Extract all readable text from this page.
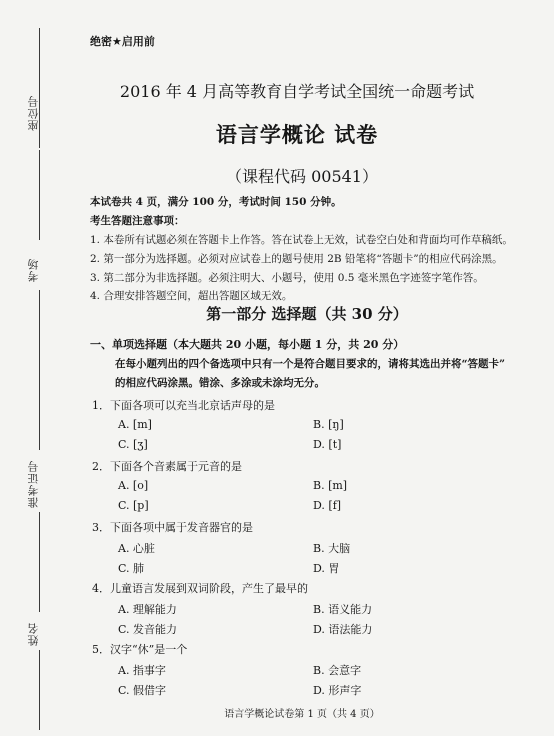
座位号
考场
准考证号
姓名
绝密★启用前
2016 年 4 月高等教育自学考试全国统一命题考试
语言学概论 试卷
（课程代码 00541）
本试卷共 4 页，满分 100 分，考试时间 150 分钟。
考生答题注意事项：
1. 本卷所有试题必须在答题卡上作答。答在试卷上无效，试卷空白处和背面均可作草稿纸。
2. 第一部分为选择题。必须对应试卷上的题号使用 2B 铅笔将“答题卡”的相应代码涂黑。
3. 第二部分为非选择题。必须注明大、小题号，使用 0.5 毫米黑色字迹签字笔作答。
4. 合理安排答题空间，超出答题区域无效。
第一部分 选择题（共 30 分）
一、单项选择题（本大题共 20 小题，每小题 1 分，共 20 分）
在每小题列出的四个备选项中只有一个是符合题目要求的，请将其选出并将“答题卡”
的相应代码涂黑。错涂、多涂或未涂均无分。
1．下面各项可以充当北京话声母的是
A. [m]	B. [ŋ]
C. [ʒ]	D. [t]
2．下面各个音素属于元音的是
A. [o]	B. [m]
C. [p]	D. [f]
3．下面各项中属于发音器官的是
A. 心脏	B. 大脑
C. 肺	D. 胃
4．儿童语言发展到双词阶段，产生了最早的
A. 理解能力	B. 语义能力
C. 发音能力	D. 语法能力
5．汉字“休”是一个
A. 指事字	B. 会意字
C. 假借字	D. 形声字
语言学概论试卷第 1 页（共 4 页）
